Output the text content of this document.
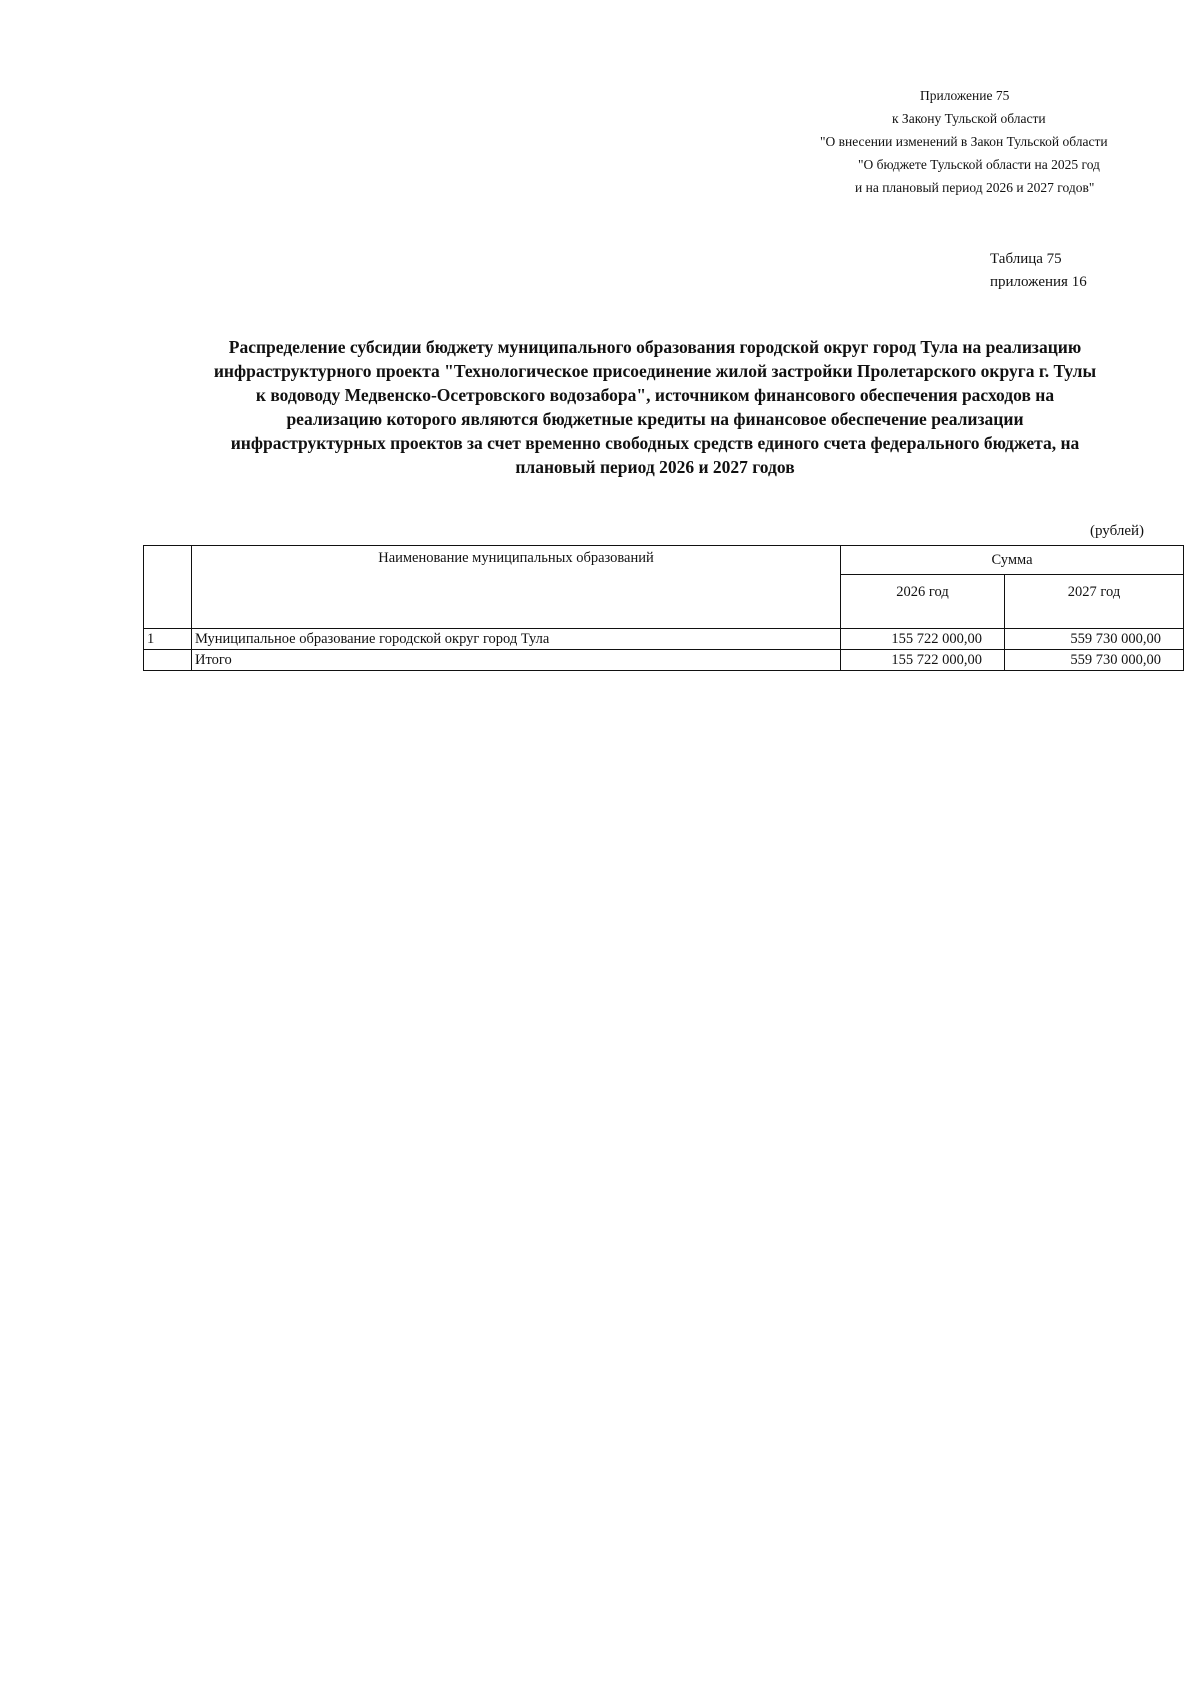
Приложение 75
к Закону Тульской области
"О внесении изменений в Закон Тульской области
"О бюджете Тульской области на 2025 год
и на плановый период 2026 и 2027 годов"
Таблица 75
приложения 16
Распределение субсидии бюджету муниципального образования городской округ город Тула на реализацию
инфраструктурного проекта "Технологическое присоединение жилой застройки Пролетарского округа г. Тулы
к водоводу Медвенско-Осетровского водозабора", источником финансового обеспечения расходов на
реализацию которого являются бюджетные кредиты на финансовое обеспечение реализации
инфраструктурных проектов за счет временно свободных средств единого счета федерального бюджета, на
плановый период 2026 и 2027 годов
(рублей)
	Наименование муниципальных образований	Сумма	
		2026 год	2027 год
1	Муниципальное образование городской округ город Тула	155 722 000,00	559 730 000,00
	Итого	155 722 000,00	559 730 000,00
